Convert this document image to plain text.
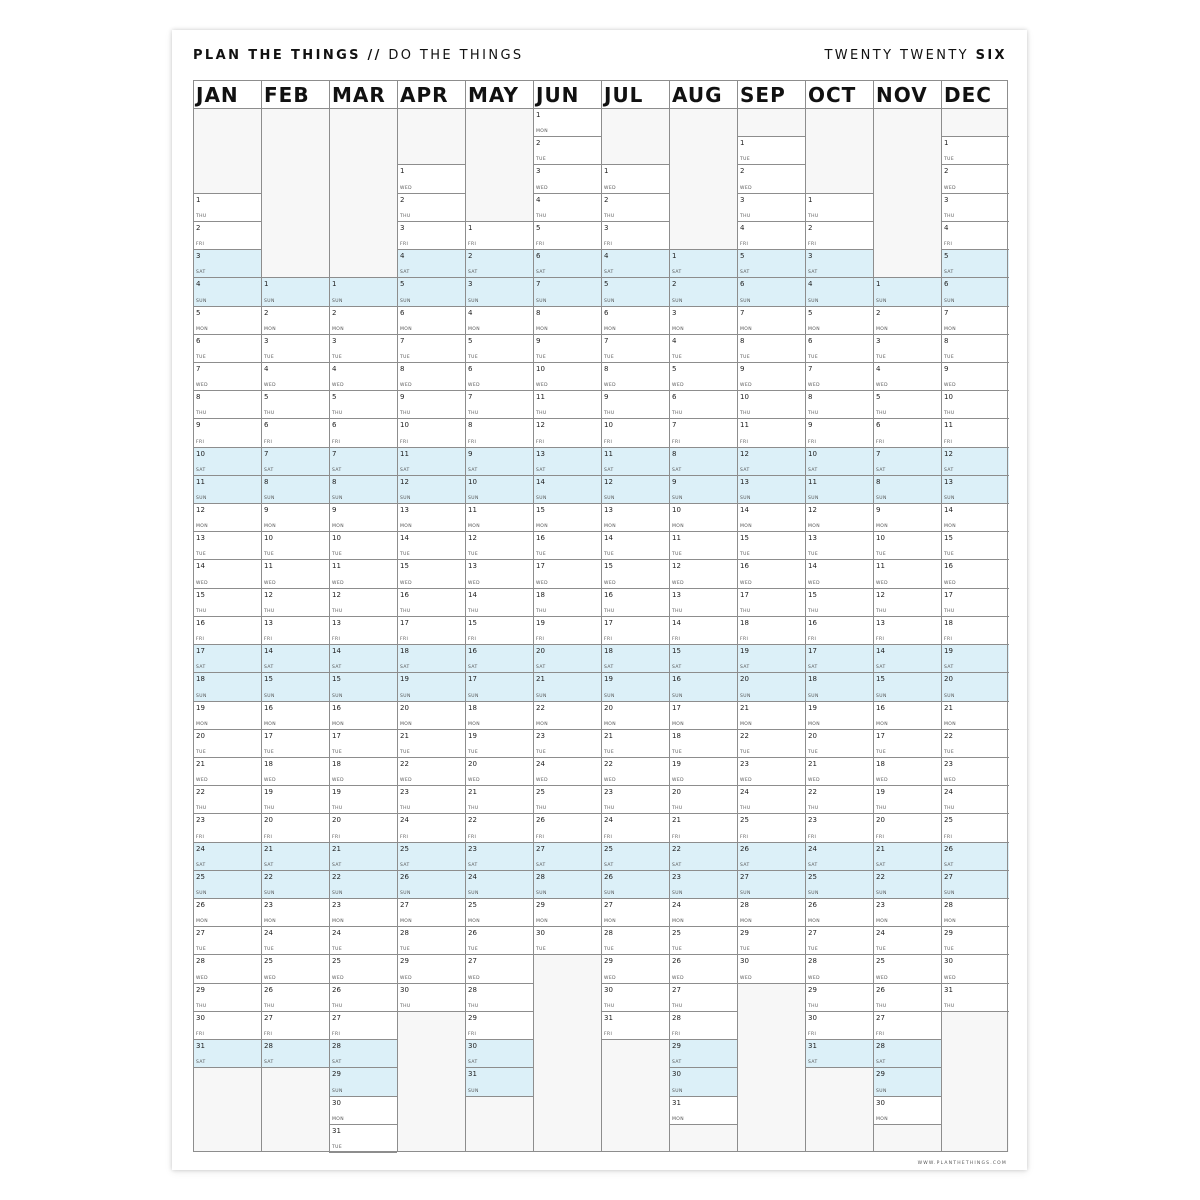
PLAN THE THINGS // DO THE THINGS	TWENTY TWENTY SIX
JAN
1
THU
2
FRI
3
SAT
4
SUN
5
MON
6
TUE
7
WED
8
THU
9
FRI
10
SAT
11
SUN
12
MON
13
TUE
14
WED
15
THU
16
FRI
17
SAT
18
SUN
19
MON
20
TUE
21
WED
22
THU
23
FRI
24
SAT
25
SUN
26
MON
27
TUE
28
WED
29
THU
30
FRI
31
SAT
FEB
1
SUN
2
MON
3
TUE
4
WED
5
THU
6
FRI
7
SAT
8
SUN
9
MON
10
TUE
11
WED
12
THU
13
FRI
14
SAT
15
SUN
16
MON
17
TUE
18
WED
19
THU
20
FRI
21
SAT
22
SUN
23
MON
24
TUE
25
WED
26
THU
27
FRI
28
SAT
MAR
1
SUN
2
MON
3
TUE
4
WED
5
THU
6
FRI
7
SAT
8
SUN
9
MON
10
TUE
11
WED
12
THU
13
FRI
14
SAT
15
SUN
16
MON
17
TUE
18
WED
19
THU
20
FRI
21
SAT
22
SUN
23
MON
24
TUE
25
WED
26
THU
27
FRI
28
SAT
29
SUN
30
MON
31
TUE
APR
1
WED
2
THU
3
FRI
4
SAT
5
SUN
6
MON
7
TUE
8
WED
9
THU
10
FRI
11
SAT
12
SUN
13
MON
14
TUE
15
WED
16
THU
17
FRI
18
SAT
19
SUN
20
MON
21
TUE
22
WED
23
THU
24
FRI
25
SAT
26
SUN
27
MON
28
TUE
29
WED
30
THU
MAY
1
FRI
2
SAT
3
SUN
4
MON
5
TUE
6
WED
7
THU
8
FRI
9
SAT
10
SUN
11
MON
12
TUE
13
WED
14
THU
15
FRI
16
SAT
17
SUN
18
MON
19
TUE
20
WED
21
THU
22
FRI
23
SAT
24
SUN
25
MON
26
TUE
27
WED
28
THU
29
FRI
30
SAT
31
SUN
JUN
1
MON
2
TUE
3
WED
4
THU
5
FRI
6
SAT
7
SUN
8
MON
9
TUE
10
WED
11
THU
12
FRI
13
SAT
14
SUN
15
MON
16
TUE
17
WED
18
THU
19
FRI
20
SAT
21
SUN
22
MON
23
TUE
24
WED
25
THU
26
FRI
27
SAT
28
SUN
29
MON
30
TUE
JUL
1
WED
2
THU
3
FRI
4
SAT
5
SUN
6
MON
7
TUE
8
WED
9
THU
10
FRI
11
SAT
12
SUN
13
MON
14
TUE
15
WED
16
THU
17
FRI
18
SAT
19
SUN
20
MON
21
TUE
22
WED
23
THU
24
FRI
25
SAT
26
SUN
27
MON
28
TUE
29
WED
30
THU
31
FRI
AUG
1
SAT
2
SUN
3
MON
4
TUE
5
WED
6
THU
7
FRI
8
SAT
9
SUN
10
MON
11
TUE
12
WED
13
THU
14
FRI
15
SAT
16
SUN
17
MON
18
TUE
19
WED
20
THU
21
FRI
22
SAT
23
SUN
24
MON
25
TUE
26
WED
27
THU
28
FRI
29
SAT
30
SUN
31
MON
SEP
1
TUE
2
WED
3
THU
4
FRI
5
SAT
6
SUN
7
MON
8
TUE
9
WED
10
THU
11
FRI
12
SAT
13
SUN
14
MON
15
TUE
16
WED
17
THU
18
FRI
19
SAT
20
SUN
21
MON
22
TUE
23
WED
24
THU
25
FRI
26
SAT
27
SUN
28
MON
29
TUE
30
WED
OCT
1
THU
2
FRI
3
SAT
4
SUN
5
MON
6
TUE
7
WED
8
THU
9
FRI
10
SAT
11
SUN
12
MON
13
TUE
14
WED
15
THU
16
FRI
17
SAT
18
SUN
19
MON
20
TUE
21
WED
22
THU
23
FRI
24
SAT
25
SUN
26
MON
27
TUE
28
WED
29
THU
30
FRI
31
SAT
NOV
1
SUN
2
MON
3
TUE
4
WED
5
THU
6
FRI
7
SAT
8
SUN
9
MON
10
TUE
11
WED
12
THU
13
FRI
14
SAT
15
SUN
16
MON
17
TUE
18
WED
19
THU
20
FRI
21
SAT
22
SUN
23
MON
24
TUE
25
WED
26
THU
27
FRI
28
SAT
29
SUN
30
MON
DEC
1
TUE
2
WED
3
THU
4
FRI
5
SAT
6
SUN
7
MON
8
TUE
9
WED
10
THU
11
FRI
12
SAT
13
SUN
14
MON
15
TUE
16
WED
17
THU
18
FRI
19
SAT
20
SUN
21
MON
22
TUE
23
WED
24
THU
25
FRI
26
SAT
27
SUN
28
MON
29
TUE
30
WED
31
THU
WWW.PLANTHETHINGS.COM
